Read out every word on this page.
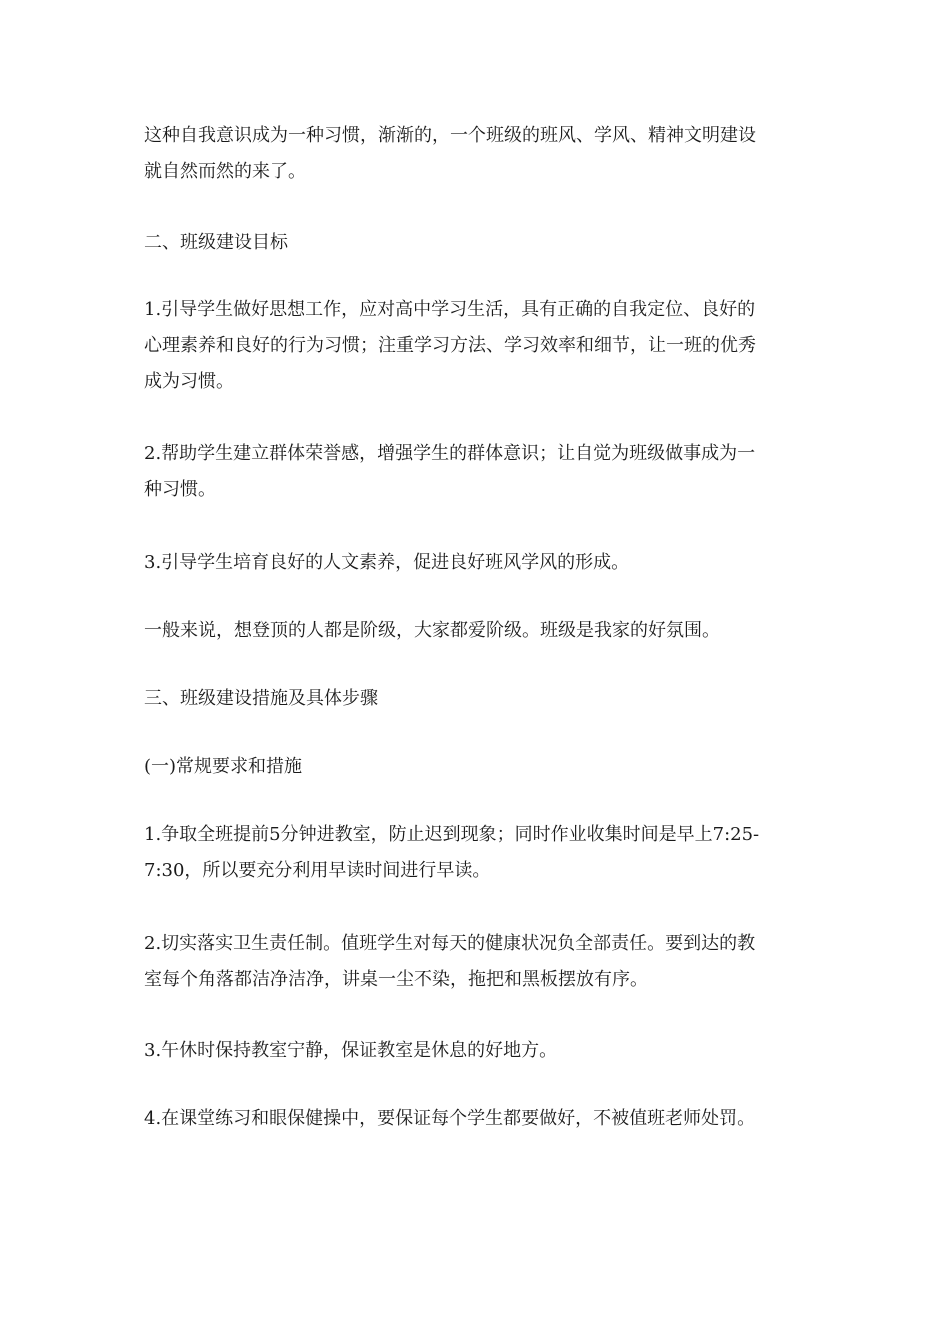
这种自我意识成为一种习惯，渐渐的，一个班级的班风、学风、精神文明建设
就自然而然的来了。

二、班级建设目标

1.引导学生做好思想工作，应对高中学习生活，具有正确的自我定位、良好的
心理素养和良好的行为习惯；注重学习方法、学习效率和细节，让一班的优秀
成为习惯。

2.帮助学生建立群体荣誉感，增强学生的群体意识；让自觉为班级做事成为一
种习惯。

3.引导学生培育良好的人文素养，促进良好班风学风的形成。

一般来说，想登顶的人都是阶级，大家都爱阶级。班级是我家的好氛围。

三、班级建设措施及具体步骤

(一)常规要求和措施

1.争取全班提前5分钟进教室，防止迟到现象；同时作业收集时间是早上7:25-
7:30，所以要充分利用早读时间进行早读。

2.切实落实卫生责任制。值班学生对每天的健康状况负全部责任。要到达的教
室每个角落都洁净洁净，讲桌一尘不染，拖把和黑板摆放有序。

3.午休时保持教室宁静，保证教室是休息的好地方。

4.在课堂练习和眼保健操中，要保证每个学生都要做好，不被值班老师处罚。
